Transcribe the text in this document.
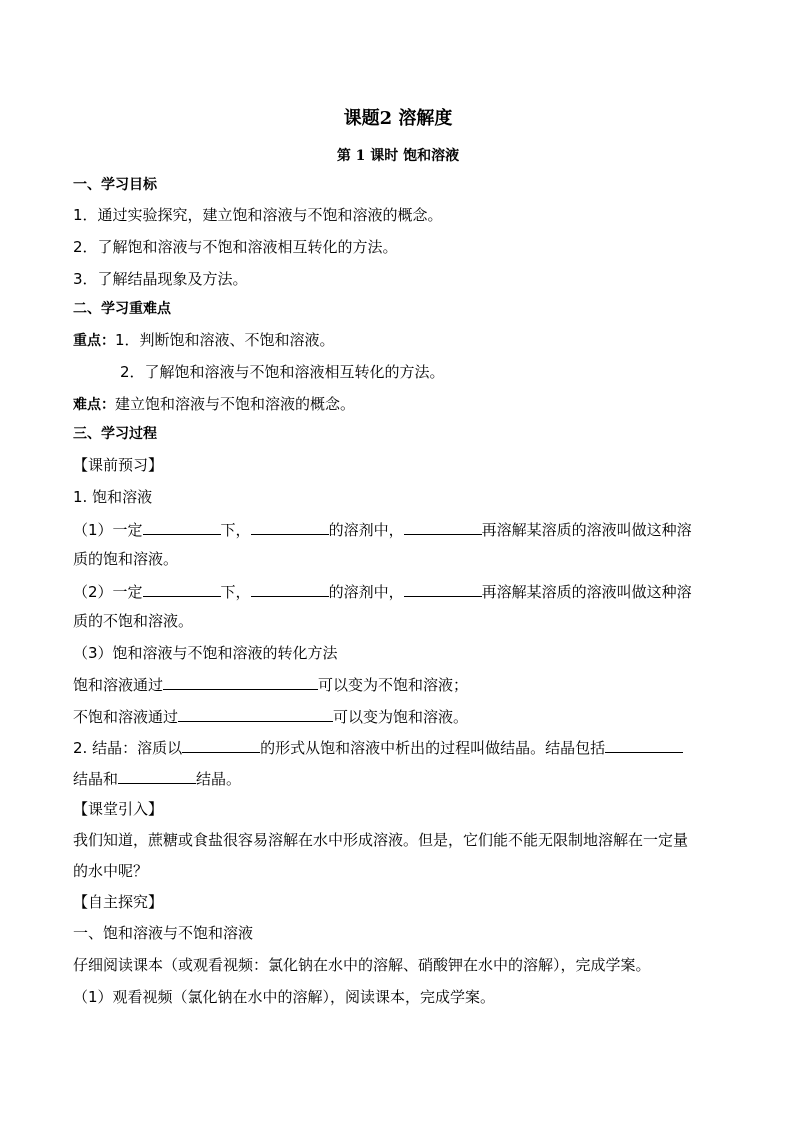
课题2 溶解度
第 1 课时 饱和溶液
一、学习目标
1．通过实验探究，建立饱和溶液与不饱和溶液的概念。
2．了解饱和溶液与不饱和溶液相互转化的方法。
3．了解结晶现象及方法。
二、学习重难点
重点：1．判断饱和溶液、不饱和溶液。
2．了解饱和溶液与不饱和溶液相互转化的方法。
难点：建立饱和溶液与不饱和溶液的概念。
三、学习过程
【课前预习】
1. 饱和溶液
（1）一定	下，	的溶剂中，	再溶解某溶质的溶液叫做这种溶
质的饱和溶液。
（2）一定	下，	的溶剂中，	再溶解某溶质的溶液叫做这种溶
质的不饱和溶液。
（3）饱和溶液与不饱和溶液的转化方法
饱和溶液通过	可以变为不饱和溶液；
不饱和溶液通过	可以变为饱和溶液。
2. 结晶：溶质以	的形式从饱和溶液中析出的过程叫做结晶。结晶包括
结晶和	结晶。
【课堂引入】
我们知道，蔗糖或食盐很容易溶解在水中形成溶液。但是，它们能不能无限制地溶解在一定量
的水中呢？
【自主探究】
一、饱和溶液与不饱和溶液
仔细阅读课本（或观看视频：氯化钠在水中的溶解、硝酸钾在水中的溶解），完成学案。
（1）观看视频（氯化钠在水中的溶解），阅读课本，完成学案。
